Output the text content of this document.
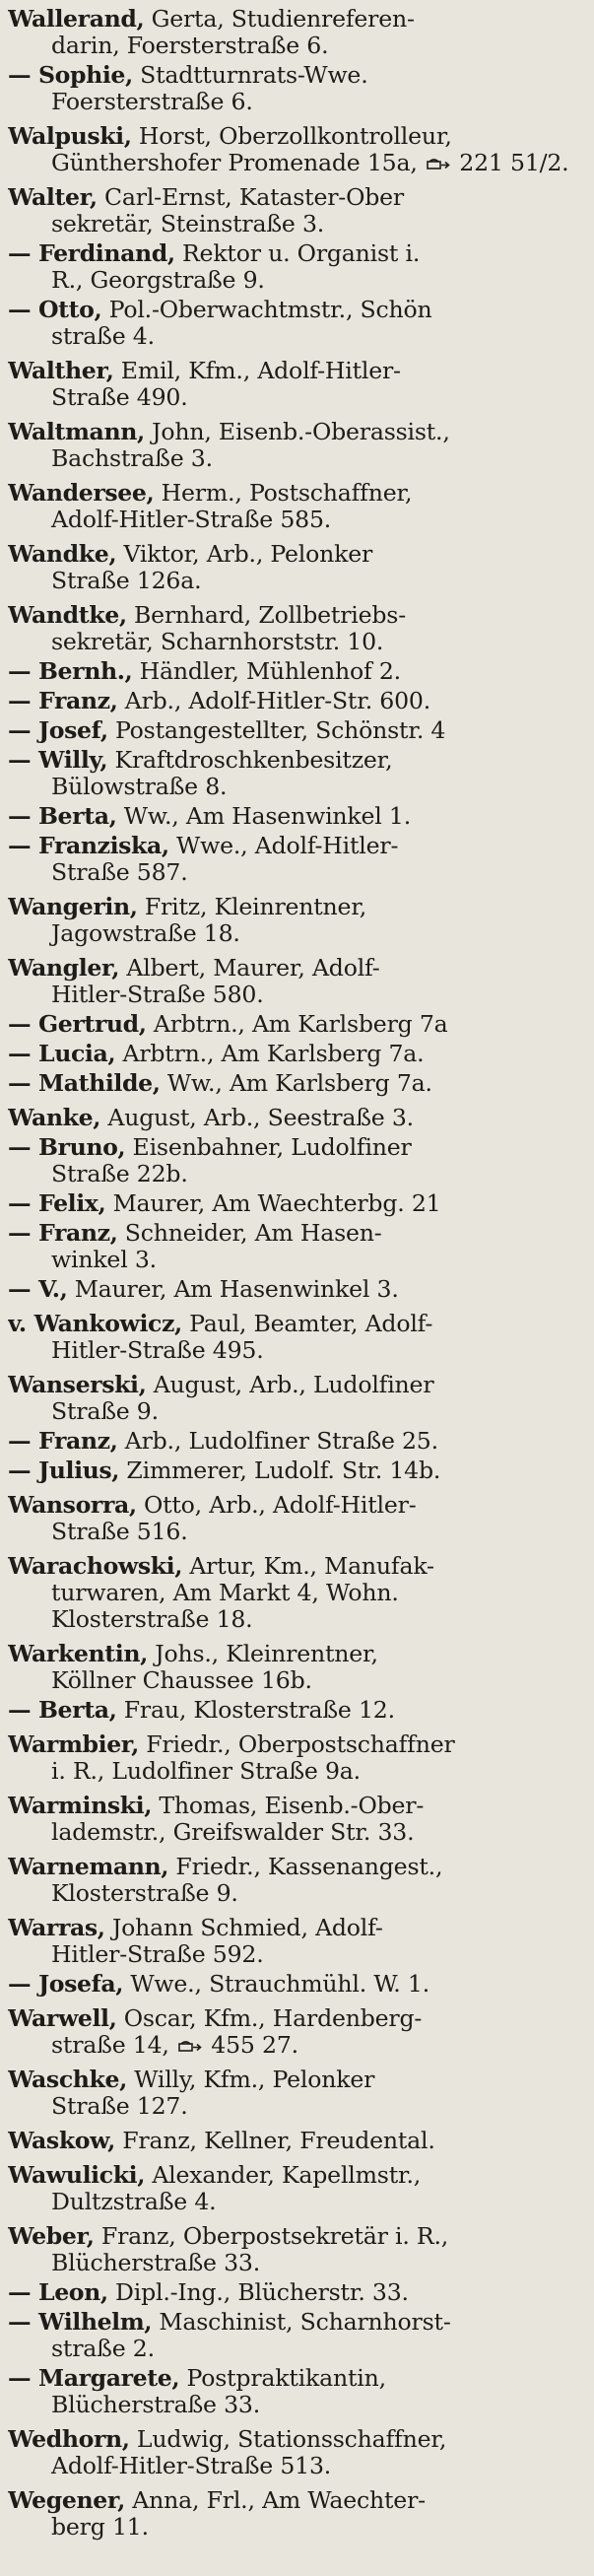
Wallerand, Gerta, Studienreferen-
darin, Foersterstraße 6.
— Sophie, Stadtturnrats-Wwe.
Foersterstraße 6.
Walpuski, Horst, Oberzollkontrolleur,
Günthershofer Promenade 15a,
221 51/2.
Walter, Carl-Ernst, Kataster-Ober
sekretär, Steinstraße 3.
— Ferdinand, Rektor u. Organist i.
R., Georgstraße 9.
— Otto, Pol.-Oberwachtmstr., Schön
straße 4.
Walther, Emil, Kfm., Adolf-Hitler-
Straße 490.
Waltmann, John, Eisenb.-Oberassist.,
Bachstraße 3.
Wandersee, Herm., Postschaffner,
Adolf-Hitler-Straße 585.
Wandke, Viktor, Arb., Pelonker
Straße 126a.
Wandtke, Bernhard, Zollbetriebs-
sekretär, Scharnhorststr. 10.
— Bernh., Händler, Mühlenhof 2.
— Franz, Arb., Adolf-Hitler-Str. 600.
— Josef, Postangestellter, Schönstr. 4
— Willy, Kraftdroschkenbesitzer,
Bülowstraße 8.
— Berta, Ww., Am Hasenwinkel 1.
— Franziska, Wwe., Adolf-Hitler-
Straße 587.
Wangerin, Fritz, Kleinrentner,
Jagowstraße 18.
Wangler, Albert, Maurer, Adolf-
Hitler-Straße 580.
— Gertrud, Arbtrn., Am Karlsberg 7a
— Lucia, Arbtrn., Am Karlsberg 7a.
— Mathilde, Ww., Am Karlsberg 7a.
Wanke, August, Arb., Seestraße 3.
— Bruno, Eisenbahner, Ludolfiner
Straße 22b.
— Felix, Maurer, Am Waechterbg. 21
— Franz, Schneider, Am Hasen-
winkel 3.
— V., Maurer, Am Hasenwinkel 3.
v. Wankowicz, Paul, Beamter, Adolf-
Hitler-Straße 495.
Wanserski, August, Arb., Ludolfiner
Straße 9.
— Franz, Arb., Ludolfiner Straße 25.
— Julius, Zimmerer, Ludolf. Str. 14b.
Wansorra, Otto, Arb., Adolf-Hitler-
Straße 516.
Warachowski, Artur, Km., Manufak-
turwaren, Am Markt 4, Wohn.
Klosterstraße 18.
Warkentin, Johs., Kleinrentner,
Köllner Chaussee 16b.
— Berta, Frau, Klosterstraße 12.
Warmbier, Friedr., Oberpostschaffner
i. R., Ludolfiner Straße 9a.
Warminski, Thomas, Eisenb.-Ober-
lademstr., Greifswalder Str. 33.
Warnemann, Friedr., Kassenangest.,
Klosterstraße 9.
Warras, Johann Schmied, Adolf-
Hitler-Straße 592.
— Josefa, Wwe., Strauchmühl. W. 1.
Warwell, Oscar, Kfm., Hardenberg-
straße 14,
455 27.
Waschke, Willy, Kfm., Pelonker
Straße 127.
Waskow, Franz, Kellner, Freudental.
Wawulicki, Alexander, Kapellmstr.,
Dultzstraße 4.
Weber, Franz, Oberpostsekretär i. R.,
Blücherstraße 33.
— Leon, Dipl.-Ing., Blücherstr. 33.
— Wilhelm, Maschinist, Scharnhorst-
straße 2.
— Margarete, Postpraktikantin,
Blücherstraße 33.
Wedhorn, Ludwig, Stationsschaffner,
Adolf-Hitler-Straße 513.
Wegener, Anna, Frl., Am Waechter-
berg 11.
